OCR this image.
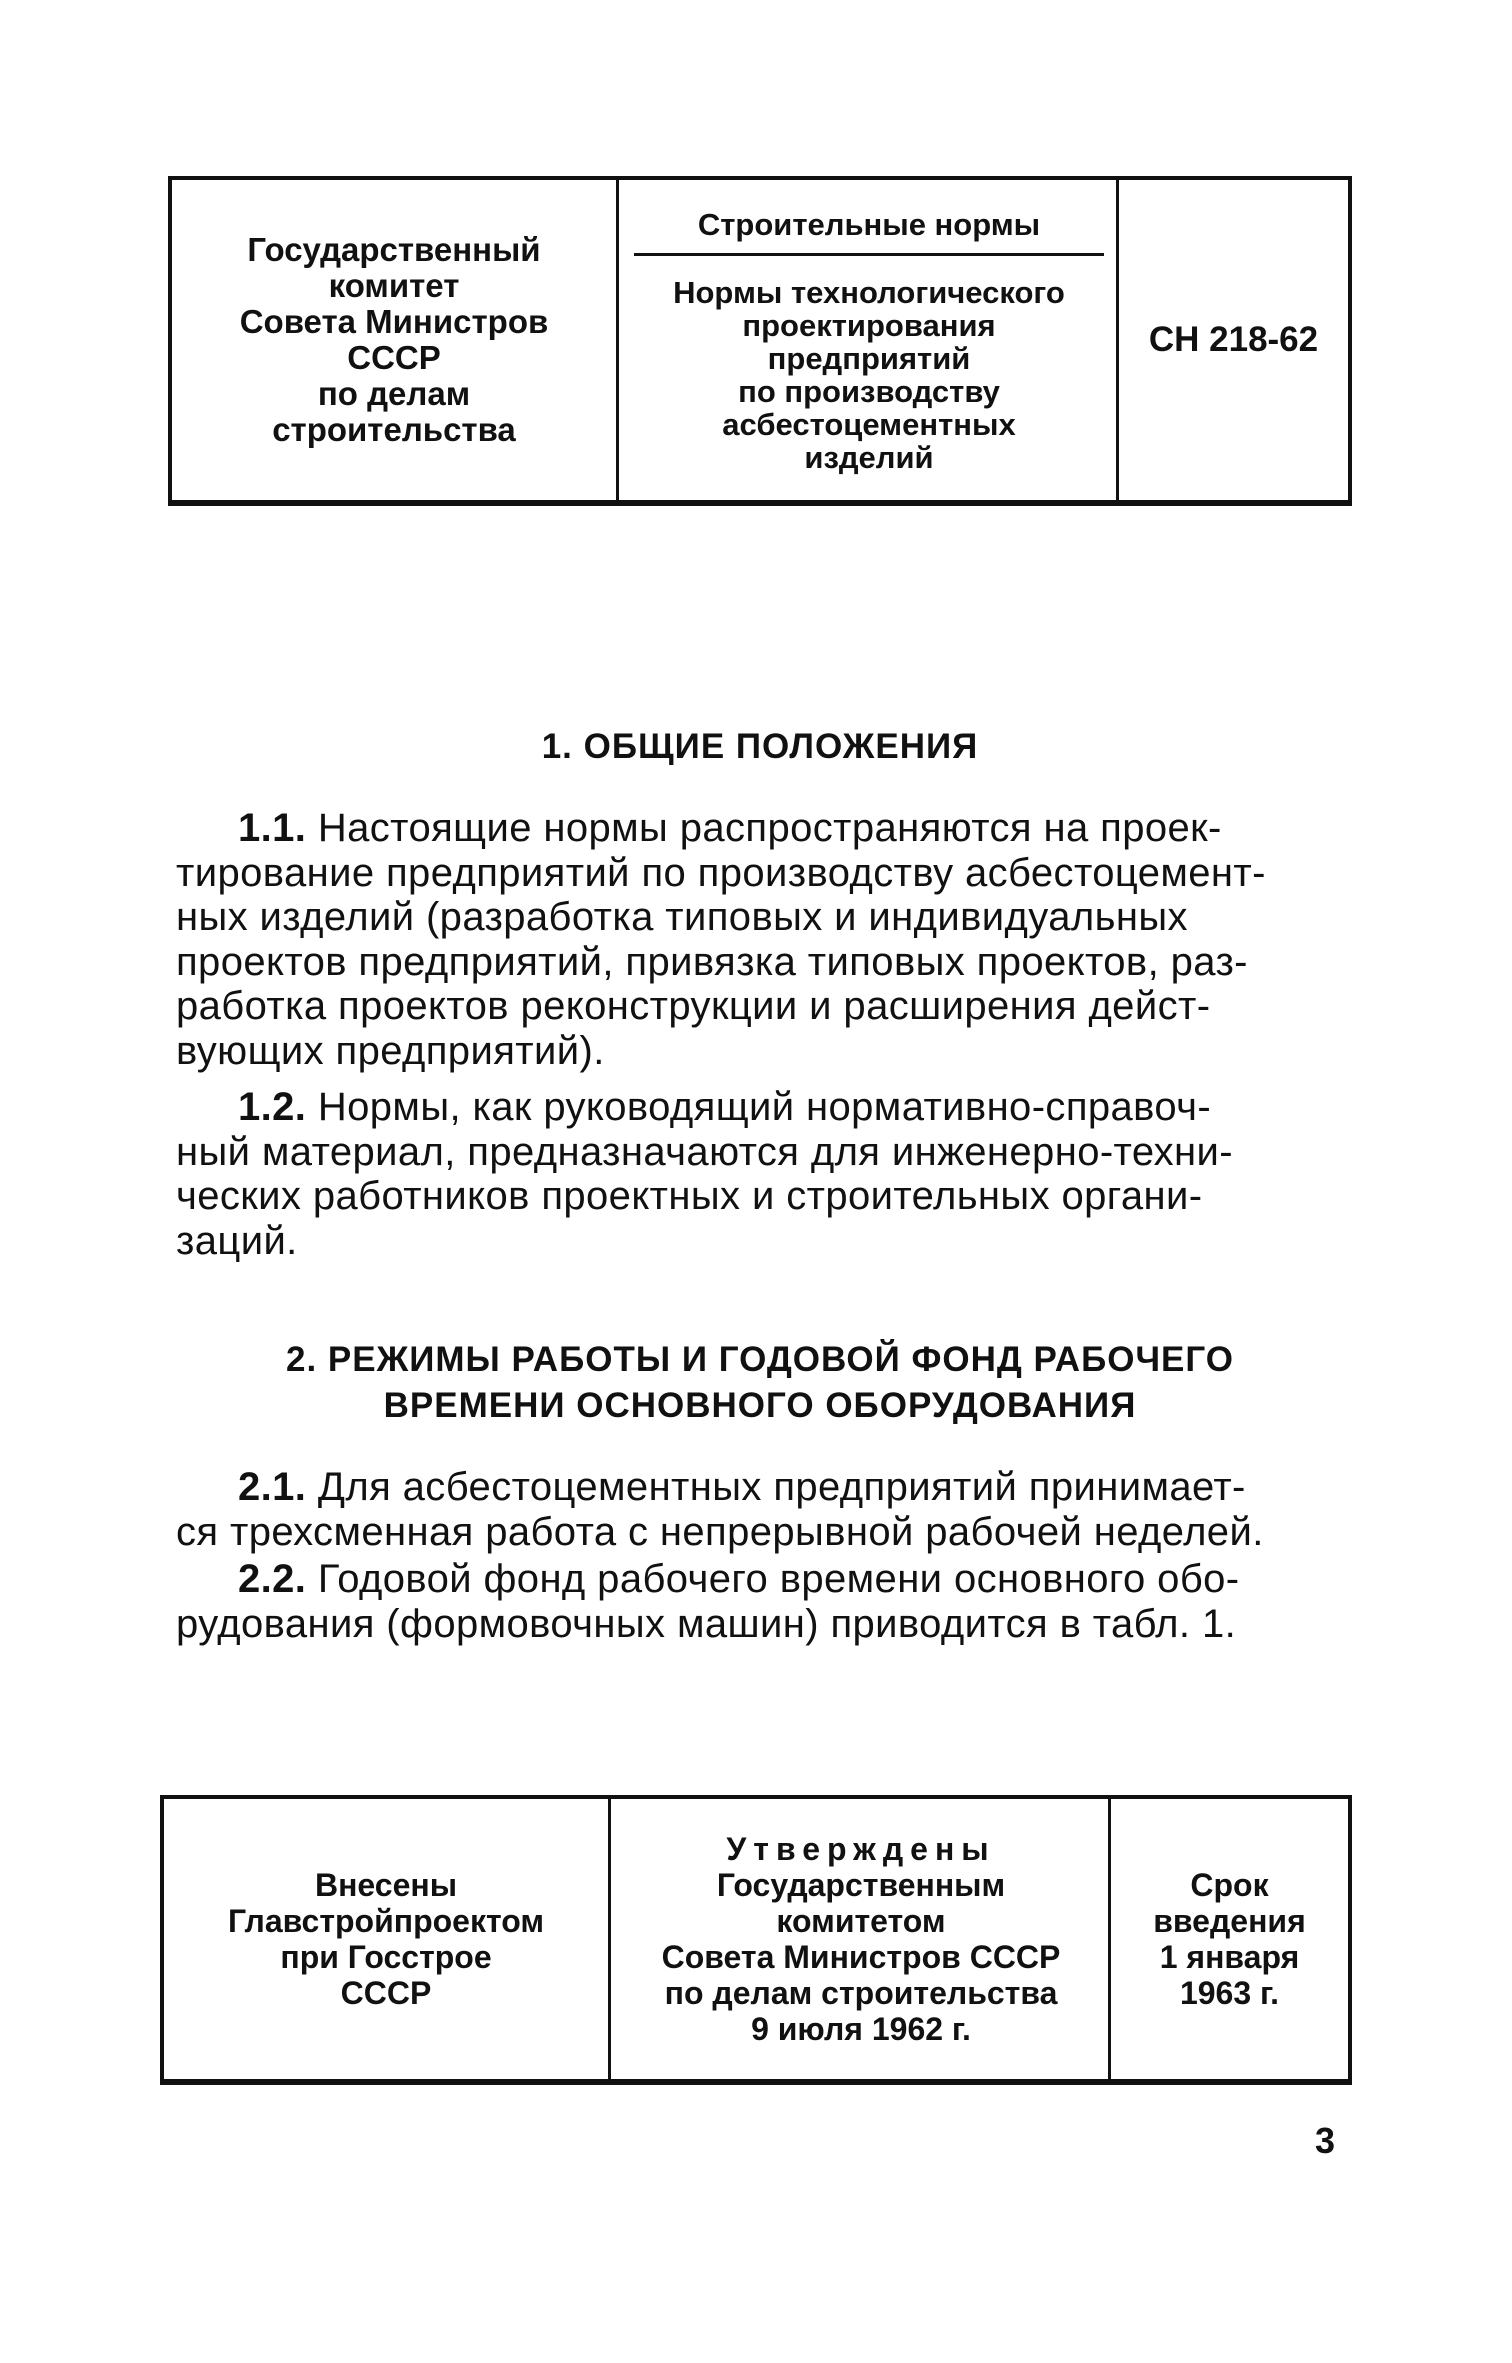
Государственный
комитет
Совета Министров
СССР
по делам
строительства
Строительные нормы
Нормы технологического
проектирования
предприятий
по производству
асбестоцементных
изделий
СН 218-62
1. ОБЩИЕ ПОЛОЖЕНИЯ
1.1. Настоящие нормы распространяются на проек-
тирование предприятий по производству асбестоцемент-
ных изделий (разработка типовых и индивидуальных
проектов предприятий, привязка типовых проектов, раз-
работка проектов реконструкции и расширения дейст-
вующих предприятий).
1.2. Нормы, как руководящий нормативно-справоч-
ный материал, предназначаются для инженерно-техни-
ческих работников проектных и строительных органи-
заций.
2. РЕЖИМЫ РАБОТЫ И ГОДОВОЙ ФОНД РАБОЧЕГО
ВРЕМЕНИ ОСНОВНОГО ОБОРУДОВАНИЯ
2.1. Для асбестоцементных предприятий принимает-
ся трехсменная работа с непрерывной рабочей неделей.
2.2. Годовой фонд рабочего времени основного обо-
рудования (формовочных машин) приводится в табл. 1.
Внесены
Главстройпроектом
при Госстрое
СССР
Утверждены
Государственным
комитетом
Совета Министров СССР
по делам строительства
9 июля 1962 г.
Срок
введения
1 января
1963 г.
3
